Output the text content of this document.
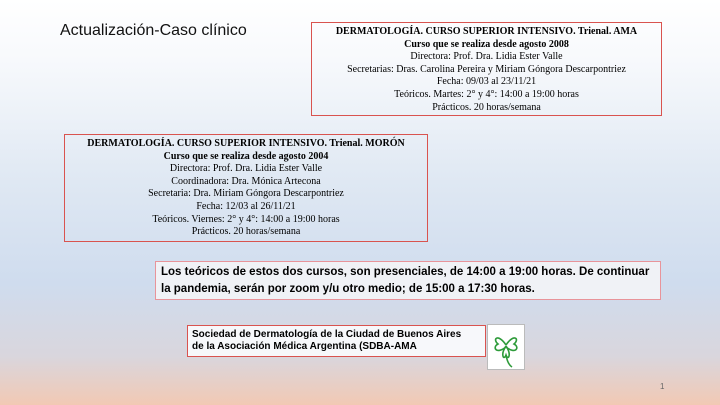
Actualización-Caso clínico	DERMATOLOGÍA. CURSO SUPERIOR INTENSIVO. Trienal. AMA
Curso que se realiza desde agosto 2008
Directora: Prof. Dra. Lidia Ester Valle
Secretarias: Dras. Carolina Pereira y Miriam Góngora Descarpontriez
Fecha: 09/03 al 23/11/21
Teóricos. Martes: 2° y 4°: 14:00 a 19:00 horas
Prácticos. 20 horas/semana
DERMATOLOGÍA. CURSO SUPERIOR INTENSIVO. Trienal. MORÓN
Curso que se realiza desde agosto 2004
Directora: Prof. Dra. Lidia Ester Valle
Coordinadora: Dra. Mónica Artecona
Secretaria: Dra. Miriam Góngora Descarpontriez
Fecha: 12/03 al 26/11/21
Teóricos. Viernes: 2° y 4°: 14:00 a 19:00 horas
Prácticos. 20 horas/semana
Los teóricos de estos dos cursos, son presenciales, de 14:00 a 19:00 horas. De continuar la pandemia, serán por zoom y/u otro medio; de 15:00 a 17:30 horas.
Sociedad de Dermatología de la Ciudad de Buenos Aires
de la Asociación Médica Argentina (SDBA-AMA
1
